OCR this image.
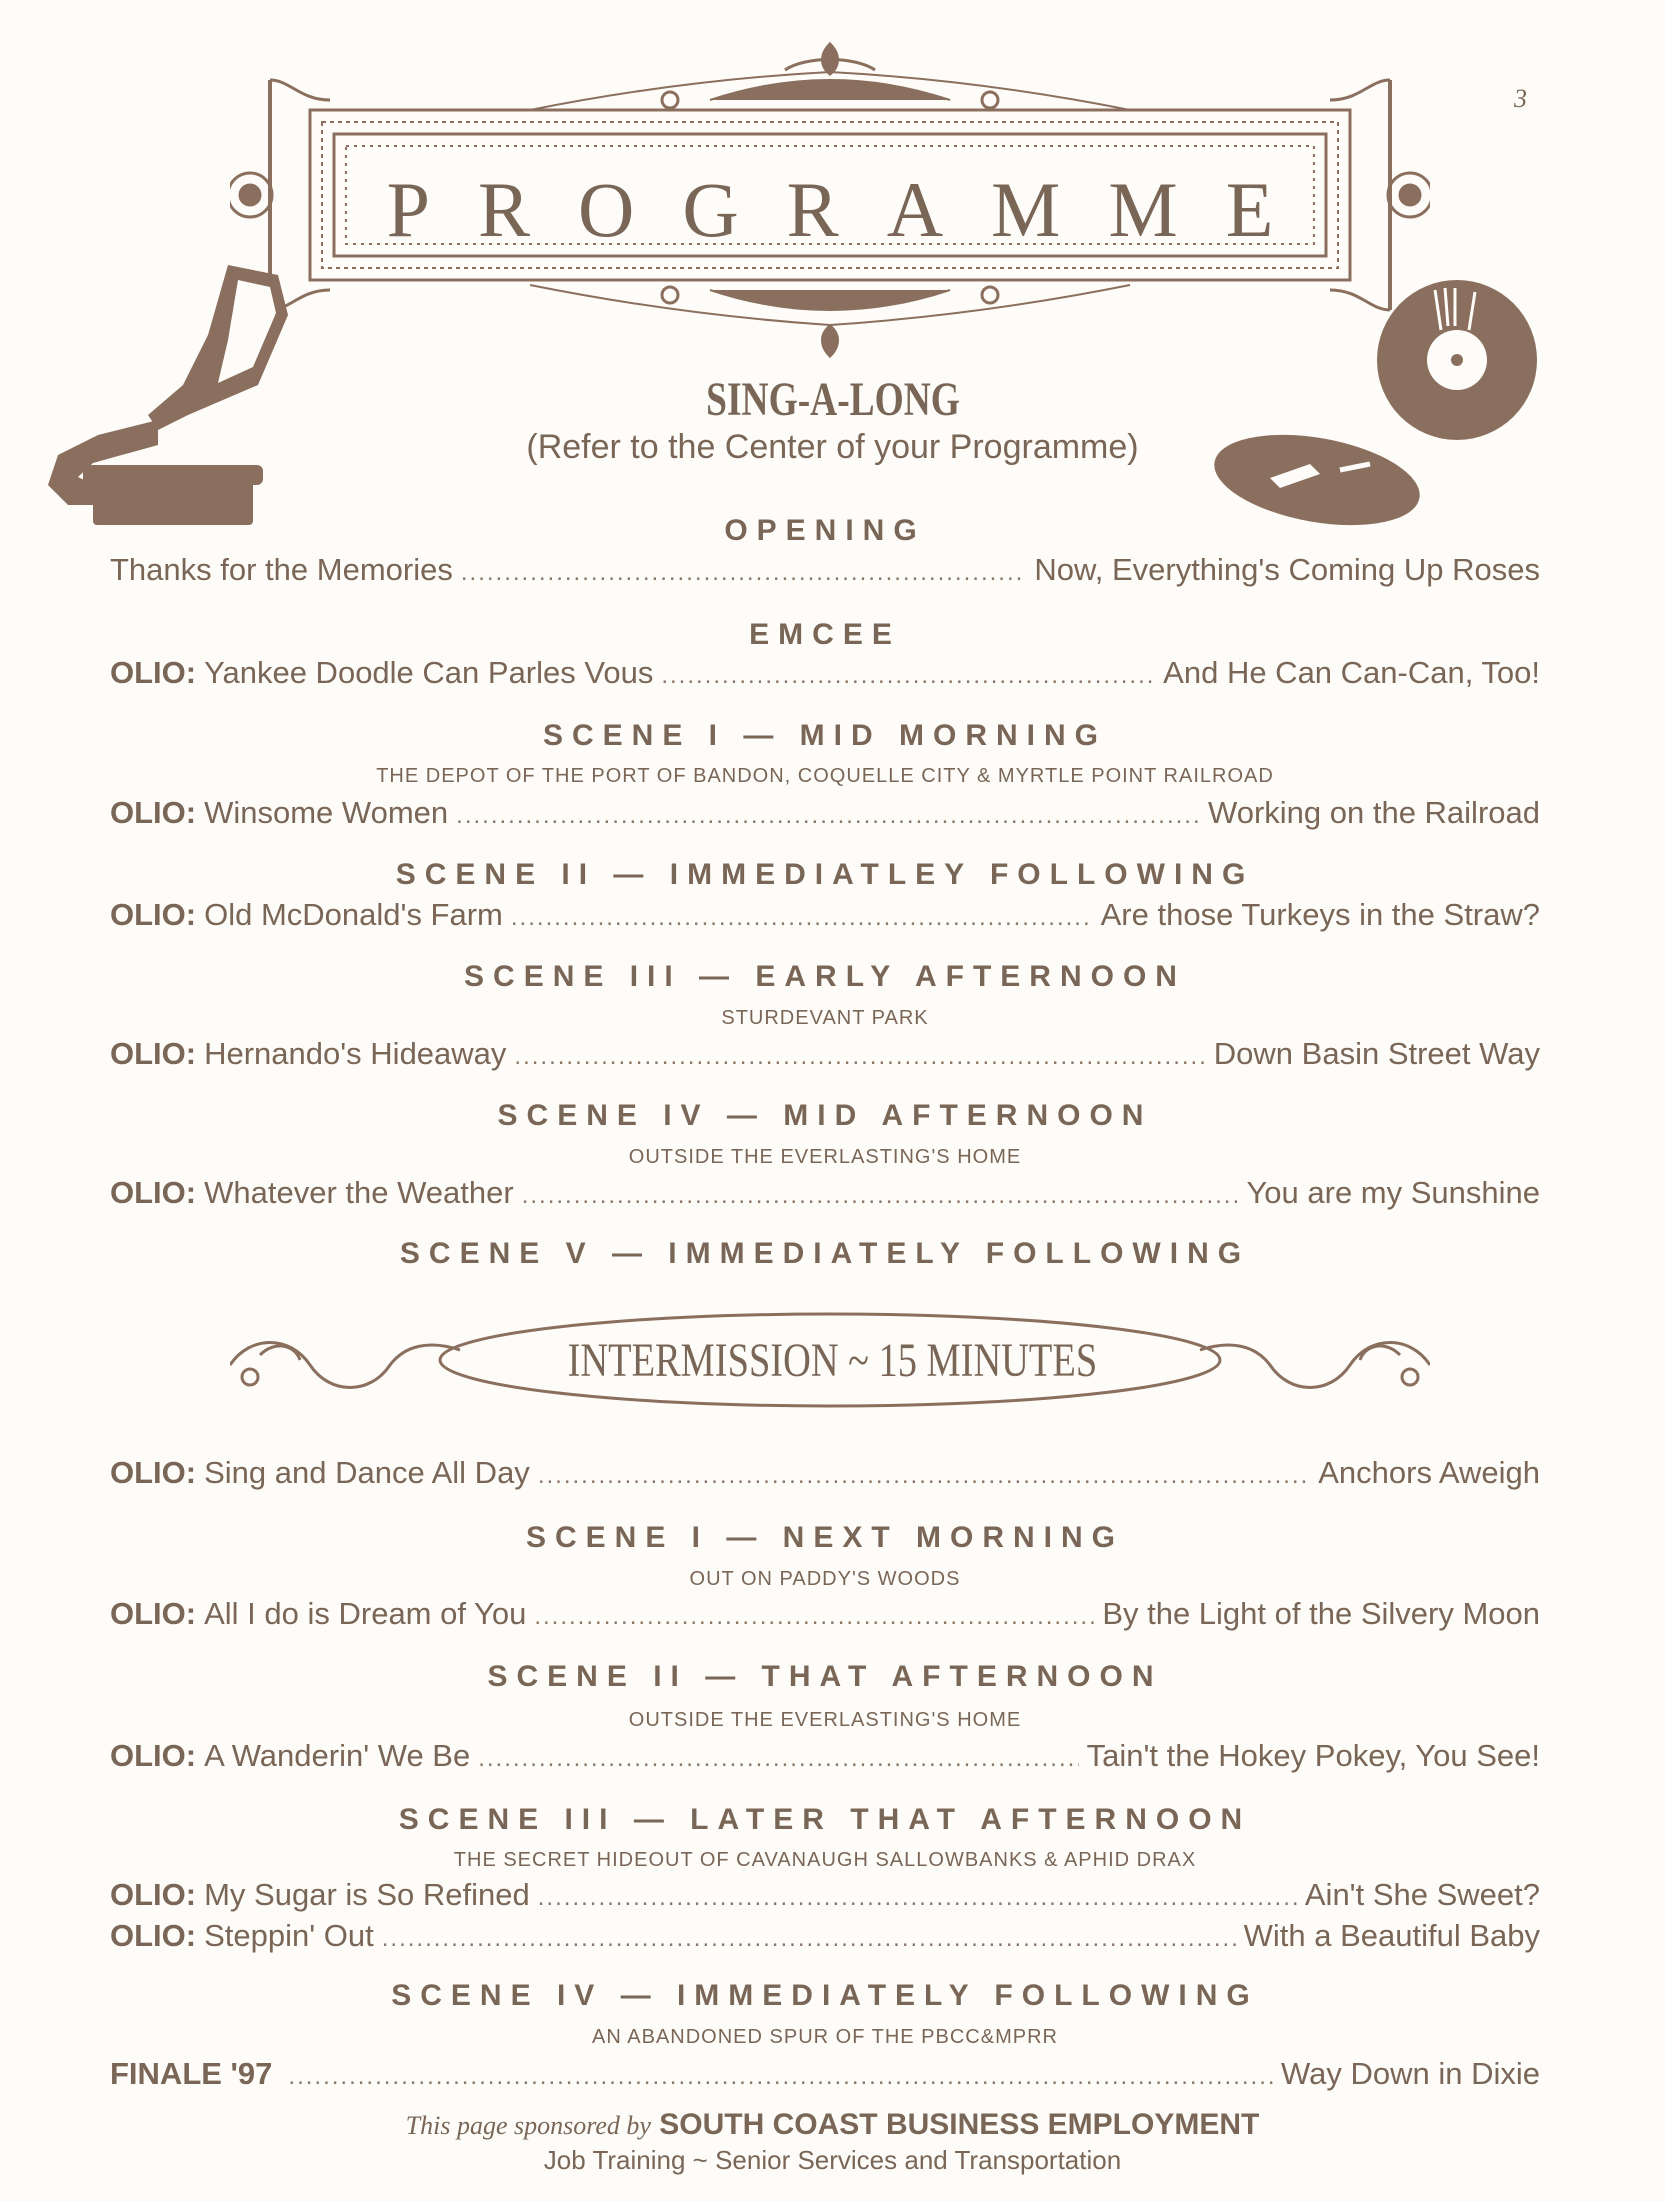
PROGRAMME
3
SING-A-LONG
(Refer to the Center of your Programme)
OPENING
Thanks for the Memories .....	Now, Everything's Coming Up Roses
EMCEE
OLIO: Yankee Doodle Can Parles Vous .....	And He Can Can-Can, Too!
SCENE I — MID MORNING
THE DEPOT OF THE PORT OF BANDON, COQUELLE CITY & MYRTLE POINT RAILROAD
OLIO: Winsome Women .....	Working on the Railroad
SCENE II — IMMEDIATLEY FOLLOWING
OLIO: Old McDonald's Farm .....	Are those Turkeys in the Straw?
SCENE III — EARLY AFTERNOON
STURDEVANT PARK
OLIO: Hernando's Hideaway .....	Down Basin Street Way
SCENE IV — MID AFTERNOON
OUTSIDE THE EVERLASTING'S HOME
OLIO: Whatever the Weather .....	You are my Sunshine
SCENE V — IMMEDIATELY FOLLOWING
INTERMISSION ~ 15 MINUTES
OLIO: Sing and Dance All Day .....	Anchors Aweigh
SCENE I — NEXT MORNING
OUT ON PADDY'S WOODS
OLIO: All I do is Dream of You .....	By the Light of the Silvery Moon
SCENE II — THAT AFTERNOON
OUTSIDE THE EVERLASTING'S HOME
OLIO: A Wanderin' We Be .....	Tain't the Hokey Pokey, You See!
SCENE III — LATER THAT AFTERNOON
THE SECRET HIDEOUT OF CAVANAUGH SALLOWBANKS & APHID DRAX
OLIO: My Sugar is So Refined .....	Ain't She Sweet?
OLIO: Steppin' Out .....	With a Beautiful Baby
SCENE IV — IMMEDIATELY FOLLOWING
AN ABANDONED SPUR OF THE PBCC&MPRR
FINALE '97 .....	Way Down in Dixie
This page sponsored by SOUTH COAST BUSINESS EMPLOYMENT
Job Training ~ Senior Services and Transportation
